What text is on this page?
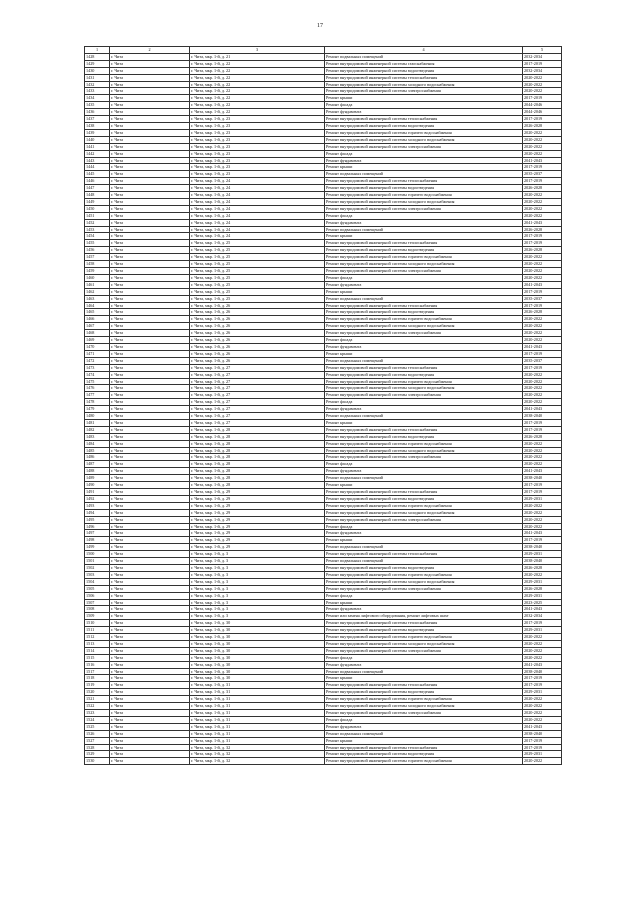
17
1	2	3	4	5
1428	г. Чита	г. Чита, мкр. 1-й, д. 21	Ремонт подвальных помещений	2032-2034
1429	г. Чита	г. Чита, мкр. 1-й, д. 22	Ремонт внутридомовой инженерной системы газоснабжения	2017-2019
1430	г. Чита	г. Чита, мкр. 1-й, д. 22	Ремонт внутридомовой инженерной системы водоотведения	2032-2034
1431	г. Чита	г. Чита, мкр. 1-й, д. 22	Ремонт внутридомовой инженерной системы теплоснабжения	2020-2022
1432	г. Чита	г. Чита, мкр. 1-й, д. 22	Ремонт внутридомовой инженерной системы холодного водоснабжения	2020-2022
1433	г. Чита	г. Чита, мкр. 1-й, д. 22	Ремонт внутридомовой инженерной системы электроснабжения	2020-2022
1434	г. Чита	г. Чита, мкр. 1-й, д. 22	Ремонт крыши	2017-2019
1435	г. Чита	г. Чита, мкр. 1-й, д. 22	Ремонт фасада	2044-2046
1436	г. Чита	г. Чита, мкр. 1-й, д. 22	Ремонт фундамента	2044-2046
1437	г. Чита	г. Чита, мкр. 1-й, д. 23	Ремонт внутридомовой инженерной системы теплоснабжения	2017-2019
1438	г. Чита	г. Чита, мкр. 1-й, д. 23	Ремонт внутридомовой инженерной системы водоотведения	2026-2028
1439	г. Чита	г. Чита, мкр. 1-й, д. 23	Ремонт внутридомовой инженерной системы горячего водоснабжения	2020-2022
1440	г. Чита	г. Чита, мкр. 1-й, д. 23	Ремонт внутридомовой инженерной системы холодного водоснабжения	2020-2022
1441	г. Чита	г. Чита, мкр. 1-й, д. 23	Ремонт внутридомовой инженерной системы электроснабжения	2020-2022
1442	г. Чита	г. Чита, мкр. 1-й, д. 23	Ремонт фасада	2020-2022
1443	г. Чита	г. Чита, мкр. 1-й, д. 23	Ремонт фундамента	2041-2043
1444	г. Чита	г. Чита, мкр. 1-й, д. 23	Ремонт крыши	2017-2019
1445	г. Чита	г. Чита, мкр. 1-й, д. 23	Ремонт подвальных помещений	2035-2037
1446	г. Чита	г. Чита, мкр. 1-й, д. 24	Ремонт внутридомовой инженерной системы теплоснабжения	2017-2019
1447	г. Чита	г. Чита, мкр. 1-й, д. 24	Ремонт внутридомовой инженерной системы водоотведения	2026-2028
1448	г. Чита	г. Чита, мкр. 1-й, д. 24	Ремонт внутридомовой инженерной системы горячего водоснабжения	2020-2022
1449	г. Чита	г. Чита, мкр. 1-й, д. 24	Ремонт внутридомовой инженерной системы холодного водоснабжения	2020-2022
1450	г. Чита	г. Чита, мкр. 1-й, д. 24	Ремонт внутридомовой инженерной системы электроснабжения	2020-2022
1451	г. Чита	г. Чита, мкр. 1-й, д. 24	Ремонт фасада	2020-2022
1452	г. Чита	г. Чита, мкр. 1-й, д. 24	Ремонт фундамента	2041-2043
1453	г. Чита	г. Чита, мкр. 1-й, д. 24	Ремонт подвальных помещений	2026-2028
1454	г. Чита	г. Чита, мкр. 1-й, д. 24	Ремонт крыши	2017-2019
1455	г. Чита	г. Чита, мкр. 1-й, д. 25	Ремонт внутридомовой инженерной системы теплоснабжения	2017-2019
1456	г. Чита	г. Чита, мкр. 1-й, д. 25	Ремонт внутридомовой инженерной системы водоотведения	2026-2028
1457	г. Чита	г. Чита, мкр. 1-й, д. 25	Ремонт внутридомовой инженерной системы горячего водоснабжения	2020-2022
1458	г. Чита	г. Чита, мкр. 1-й, д. 25	Ремонт внутридомовой инженерной системы холодного водоснабжения	2020-2022
1459	г. Чита	г. Чита, мкр. 1-й, д. 25	Ремонт внутридомовой инженерной системы электроснабжения	2020-2022
1460	г. Чита	г. Чита, мкр. 1-й, д. 25	Ремонт фасада	2020-2022
1461	г. Чита	г. Чита, мкр. 1-й, д. 25	Ремонт фундамента	2041-2043
1462	г. Чита	г. Чита, мкр. 1-й, д. 25	Ремонт крыши	2017-2019
1463	г. Чита	г. Чита, мкр. 1-й, д. 25	Ремонт подвальных помещений	2035-2037
1464	г. Чита	г. Чита, мкр. 1-й, д. 26	Ремонт внутридомовой инженерной системы теплоснабжения	2017-2019
1465	г. Чита	г. Чита, мкр. 1-й, д. 26	Ремонт внутридомовой инженерной системы водоотведения	2026-2028
1466	г. Чита	г. Чита, мкр. 1-й, д. 26	Ремонт внутридомовой инженерной системы горячего водоснабжения	2020-2022
1467	г. Чита	г. Чита, мкр. 1-й, д. 26	Ремонт внутридомовой инженерной системы холодного водоснабжения	2020-2022
1468	г. Чита	г. Чита, мкр. 1-й, д. 26	Ремонт внутридомовой инженерной системы электроснабжения	2020-2022
1469	г. Чита	г. Чита, мкр. 1-й, д. 26	Ремонт фасада	2020-2022
1470	г. Чита	г. Чита, мкр. 1-й, д. 26	Ремонт фундамента	2041-2043
1471	г. Чита	г. Чита, мкр. 1-й, д. 26	Ремонт крыши	2017-2019
1472	г. Чита	г. Чита, мкр. 1-й, д. 26	Ремонт подвальных помещений	2035-2037
1473	г. Чита	г. Чита, мкр. 1-й, д. 27	Ремонт внутридомовой инженерной системы теплоснабжения	2017-2019
1474	г. Чита	г. Чита, мкр. 1-й, д. 27	Ремонт внутридомовой инженерной системы водоотведения	2020-2022
1475	г. Чита	г. Чита, мкр. 1-й, д. 27	Ремонт внутридомовой инженерной системы горячего водоснабжения	2020-2022
1476	г. Чита	г. Чита, мкр. 1-й, д. 27	Ремонт внутридомовой инженерной системы холодного водоснабжения	2020-2022
1477	г. Чита	г. Чита, мкр. 1-й, д. 27	Ремонт внутридомовой инженерной системы электроснабжения	2020-2022
1478	г. Чита	г. Чита, мкр. 1-й, д. 27	Ремонт фасада	2020-2022
1479	г. Чита	г. Чита, мкр. 1-й, д. 27	Ремонт фундамента	2041-2043
1480	г. Чита	г. Чита, мкр. 1-й, д. 27	Ремонт подвальных помещений	2038-2040
1481	г. Чита	г. Чита, мкр. 1-й, д. 27	Ремонт крыши	2017-2019
1482	г. Чита	г. Чита, мкр. 1-й, д. 28	Ремонт внутридомовой инженерной системы теплоснабжения	2017-2019
1483	г. Чита	г. Чита, мкр. 1-й, д. 28	Ремонт внутридомовой инженерной системы водоотведения	2026-2028
1484	г. Чита	г. Чита, мкр. 1-й, д. 28	Ремонт внутридомовой инженерной системы горячего водоснабжения	2020-2022
1485	г. Чита	г. Чита, мкр. 1-й, д. 28	Ремонт внутридомовой инженерной системы холодного водоснабжения	2020-2022
1486	г. Чита	г. Чита, мкр. 1-й, д. 28	Ремонт внутридомовой инженерной системы электроснабжения	2020-2022
1487	г. Чита	г. Чита, мкр. 1-й, д. 28	Ремонт фасада	2020-2022
1488	г. Чита	г. Чита, мкр. 1-й, д. 28	Ремонт фундамента	2041-2043
1489	г. Чита	г. Чита, мкр. 1-й, д. 28	Ремонт подвальных помещений	2038-2040
1490	г. Чита	г. Чита, мкр. 1-й, д. 28	Ремонт крыши	2017-2019
1491	г. Чита	г. Чита, мкр. 1-й, д. 29	Ремонт внутридомовой инженерной системы теплоснабжения	2017-2019
1492	г. Чита	г. Чита, мкр. 1-й, д. 29	Ремонт внутридомовой инженерной системы водоотведения	2029-2031
1493	г. Чита	г. Чита, мкр. 1-й, д. 29	Ремонт внутридомовой инженерной системы горячего водоснабжения	2020-2022
1494	г. Чита	г. Чита, мкр. 1-й, д. 29	Ремонт внутридомовой инженерной системы холодного водоснабжения	2020-2022
1495	г. Чита	г. Чита, мкр. 1-й, д. 29	Ремонт внутридомовой инженерной системы электроснабжения	2020-2022
1496	г. Чита	г. Чита, мкр. 1-й, д. 29	Ремонт фасада	2020-2022
1497	г. Чита	г. Чита, мкр. 1-й, д. 29	Ремонт фундамента	2041-2043
1498	г. Чита	г. Чита, мкр. 1-й, д. 29	Ремонт крыши	2017-2019
1499	г. Чита	г. Чита, мкр. 1-й, д. 29	Ремонт подвальных помещений	2038-2040
1500	г. Чита	г. Чита, мкр. 1-й, д. 3	Ремонт внутридомовой инженерной системы теплоснабжения	2029-2031
1501	г. Чита	г. Чита, мкр. 1-й, д. 3	Ремонт подвальных помещений	2038-2040
1502	г. Чита	г. Чита, мкр. 1-й, д. 3	Ремонт внутридомовой инженерной системы водоотведения	2026-2028
1503	г. Чита	г. Чита, мкр. 1-й, д. 3	Ремонт внутридомовой инженерной системы горячего водоснабжения	2020-2022
1504	г. Чита	г. Чита, мкр. 1-й, д. 3	Ремонт внутридомовой инженерной системы холодного водоснабжения	2029-2031
1505	г. Чита	г. Чита, мкр. 1-й, д. 3	Ремонт внутридомовой инженерной системы электроснабжения	2026-2028
1506	г. Чита	г. Чита, мкр. 1-й, д. 3	Ремонт фасада	2029-2031
1507	г. Чита	г. Чита, мкр. 1-й, д. 3	Ремонт крыши	2023-2025
1508	г. Чита	г. Чита, мкр. 1-й, д. 3	Ремонт фундамента	2041-2043
1509	г. Чита	г. Чита, мкр. 1-й, д. 3	Ремонт или замена лифтового оборудования, ремонт лифтовых шахт	2032-2034
1510	г. Чита	г. Чита, мкр. 1-й, д. 30	Ремонт внутридомовой инженерной системы теплоснабжения	2017-2019
1511	г. Чита	г. Чита, мкр. 1-й, д. 30	Ремонт внутридомовой инженерной системы водоотведения	2029-2031
1512	г. Чита	г. Чита, мкр. 1-й, д. 30	Ремонт внутридомовой инженерной системы горячего водоснабжения	2020-2022
1513	г. Чита	г. Чита, мкр. 1-й, д. 30	Ремонт внутридомовой инженерной системы холодного водоснабжения	2020-2022
1514	г. Чита	г. Чита, мкр. 1-й, д. 30	Ремонт внутридомовой инженерной системы электроснабжения	2020-2022
1515	г. Чита	г. Чита, мкр. 1-й, д. 30	Ремонт фасада	2020-2022
1516	г. Чита	г. Чита, мкр. 1-й, д. 30	Ремонт фундамента	2041-2043
1517	г. Чита	г. Чита, мкр. 1-й, д. 30	Ремонт подвальных помещений	2038-2040
1518	г. Чита	г. Чита, мкр. 1-й, д. 30	Ремонт крыши	2017-2019
1519	г. Чита	г. Чита, мкр. 1-й, д. 31	Ремонт внутридомовой инженерной системы теплоснабжения	2017-2019
1520	г. Чита	г. Чита, мкр. 1-й, д. 31	Ремонт внутридомовой инженерной системы водоотведения	2029-2031
1521	г. Чита	г. Чита, мкр. 1-й, д. 31	Ремонт внутридомовой инженерной системы горячего водоснабжения	2020-2022
1522	г. Чита	г. Чита, мкр. 1-й, д. 31	Ремонт внутридомовой инженерной системы холодного водоснабжения	2020-2022
1523	г. Чита	г. Чита, мкр. 1-й, д. 31	Ремонт внутридомовой инженерной системы электроснабжения	2020-2022
1524	г. Чита	г. Чита, мкр. 1-й, д. 31	Ремонт фасада	2020-2022
1525	г. Чита	г. Чита, мкр. 1-й, д. 31	Ремонт фундамента	2041-2043
1526	г. Чита	г. Чита, мкр. 1-й, д. 31	Ремонт подвальных помещений	2038-2040
1527	г. Чита	г. Чита, мкр. 1-й, д. 31	Ремонт крыши	2017-2019
1528	г. Чита	г. Чита, мкр. 1-й, д. 32	Ремонт внутридомовой инженерной системы теплоснабжения	2017-2019
1529	г. Чита	г. Чита, мкр. 1-й, д. 32	Ремонт внутридомовой инженерной системы водоотведения	2029-2031
1530	г. Чита	г. Чита, мкр. 1-й, д. 32	Ремонт внутридомовой инженерной системы горячего водоснабжения	2020-2022
